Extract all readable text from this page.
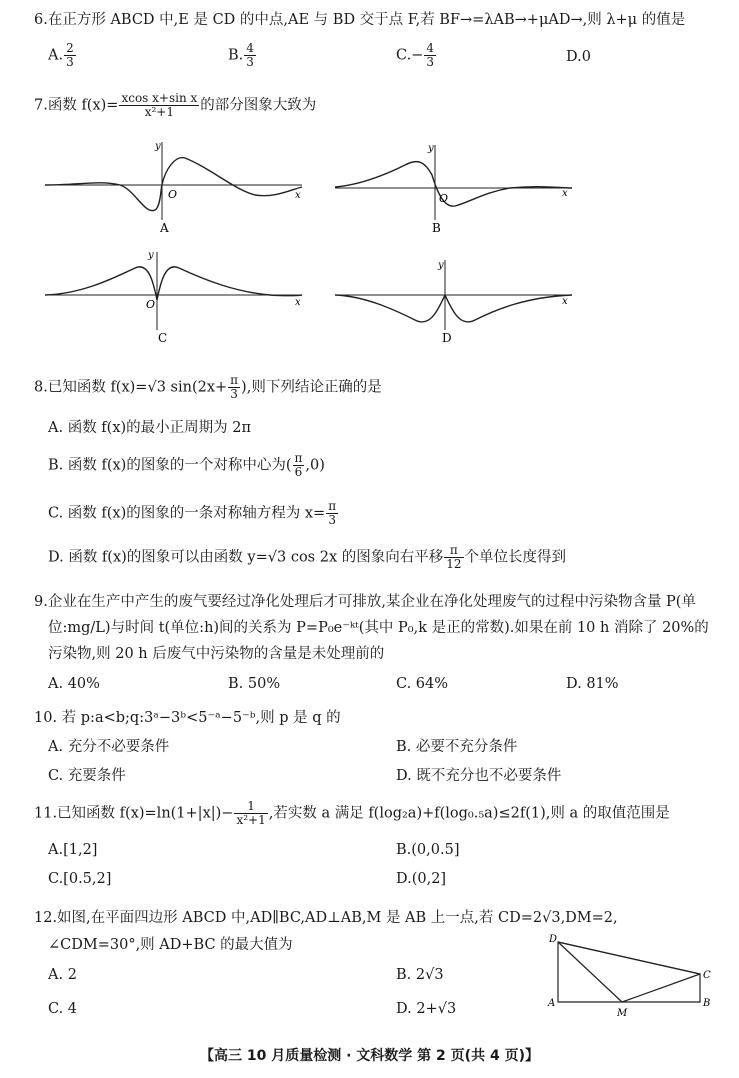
6.在正方形 ABCD 中,E 是 CD 的中点,AE 与 BD 交于点 F,若 BF→=λAB→+μAD→,则 λ+μ 的值是
A. $\frac{2}{3}$	B. $\frac{4}{3}$	$C.- \frac{4}{3}$	D.0
7.函数 $f(x)= \frac{\text{xcos x+sin x}}{\text{x²+1}}$ 的部分图象大致为
O
y
x
A
O
y
x
B
O
y
x
C
y
x
D
8.已知函数 f(x)=√3 $\sin(2x+ \frac{\pi}{3}$ ),则下列结论正确的是
A. 函数 f(x)的最小正周期为 2π
B. 函数 f(x)的图象的一个对称中心为( $\frac{\pi}{6} ,0$)
C. 函数 f(x)的图象的一条对称轴方程为 $x= \frac{\pi}{3}$
D. 函数 f(x)的图象可以由函数 y=√3 cos 2x 的图象向右平移 $\frac{\pi}{12}$ 个单位长度得到
9.企业在生产中产生的废气要经过净化处理后才可排放,某企业在净化处理废气的过程中污染物含量 P(单
位:mg/L)与时间 t(单位:h)间的关系为 P=P₀e⁻ᵏᵗ(其中 P₀,k 是正的常数).如果在前 10 h 消除了 20%的
污染物,则 20 h 后废气中污染物的含量是未处理前的
A. 40%	B. 50%	C. 64%	D. 81%
10. 若 p:a<b;q:3ᵃ−3ᵇ<5⁻ᵃ−5⁻ᵇ,则 p 是 q 的
A. 充分不必要条件	B. 必要不充分条件
C. 充要条件	D. 既不充分也不必要条件
11.已知函数 $f(x)=\ln(1+|x|)- \frac{1}{\text{x²+1}}$ ,若实数 a 满足 f(log₂a)+f(log₀.₅a)≤2f(1),则 a 的取值范围是
A.[1,2]	B.(0,0.5]
C.[0.5,2]	D.(0,2]
12.如图,在平面四边形 ABCD 中,AD∥BC,AD⊥AB,M 是 AB 上一点,若 CD=2√3,DM=2,
∠CDM=30°,则 AD+BC 的最大值为
A. 2	B. 2√3
C. 4	D. 2+√3
D
C
A
M
B
【高三 10 月质量检测 · 文科数学 第 2 页(共 4 页)】
